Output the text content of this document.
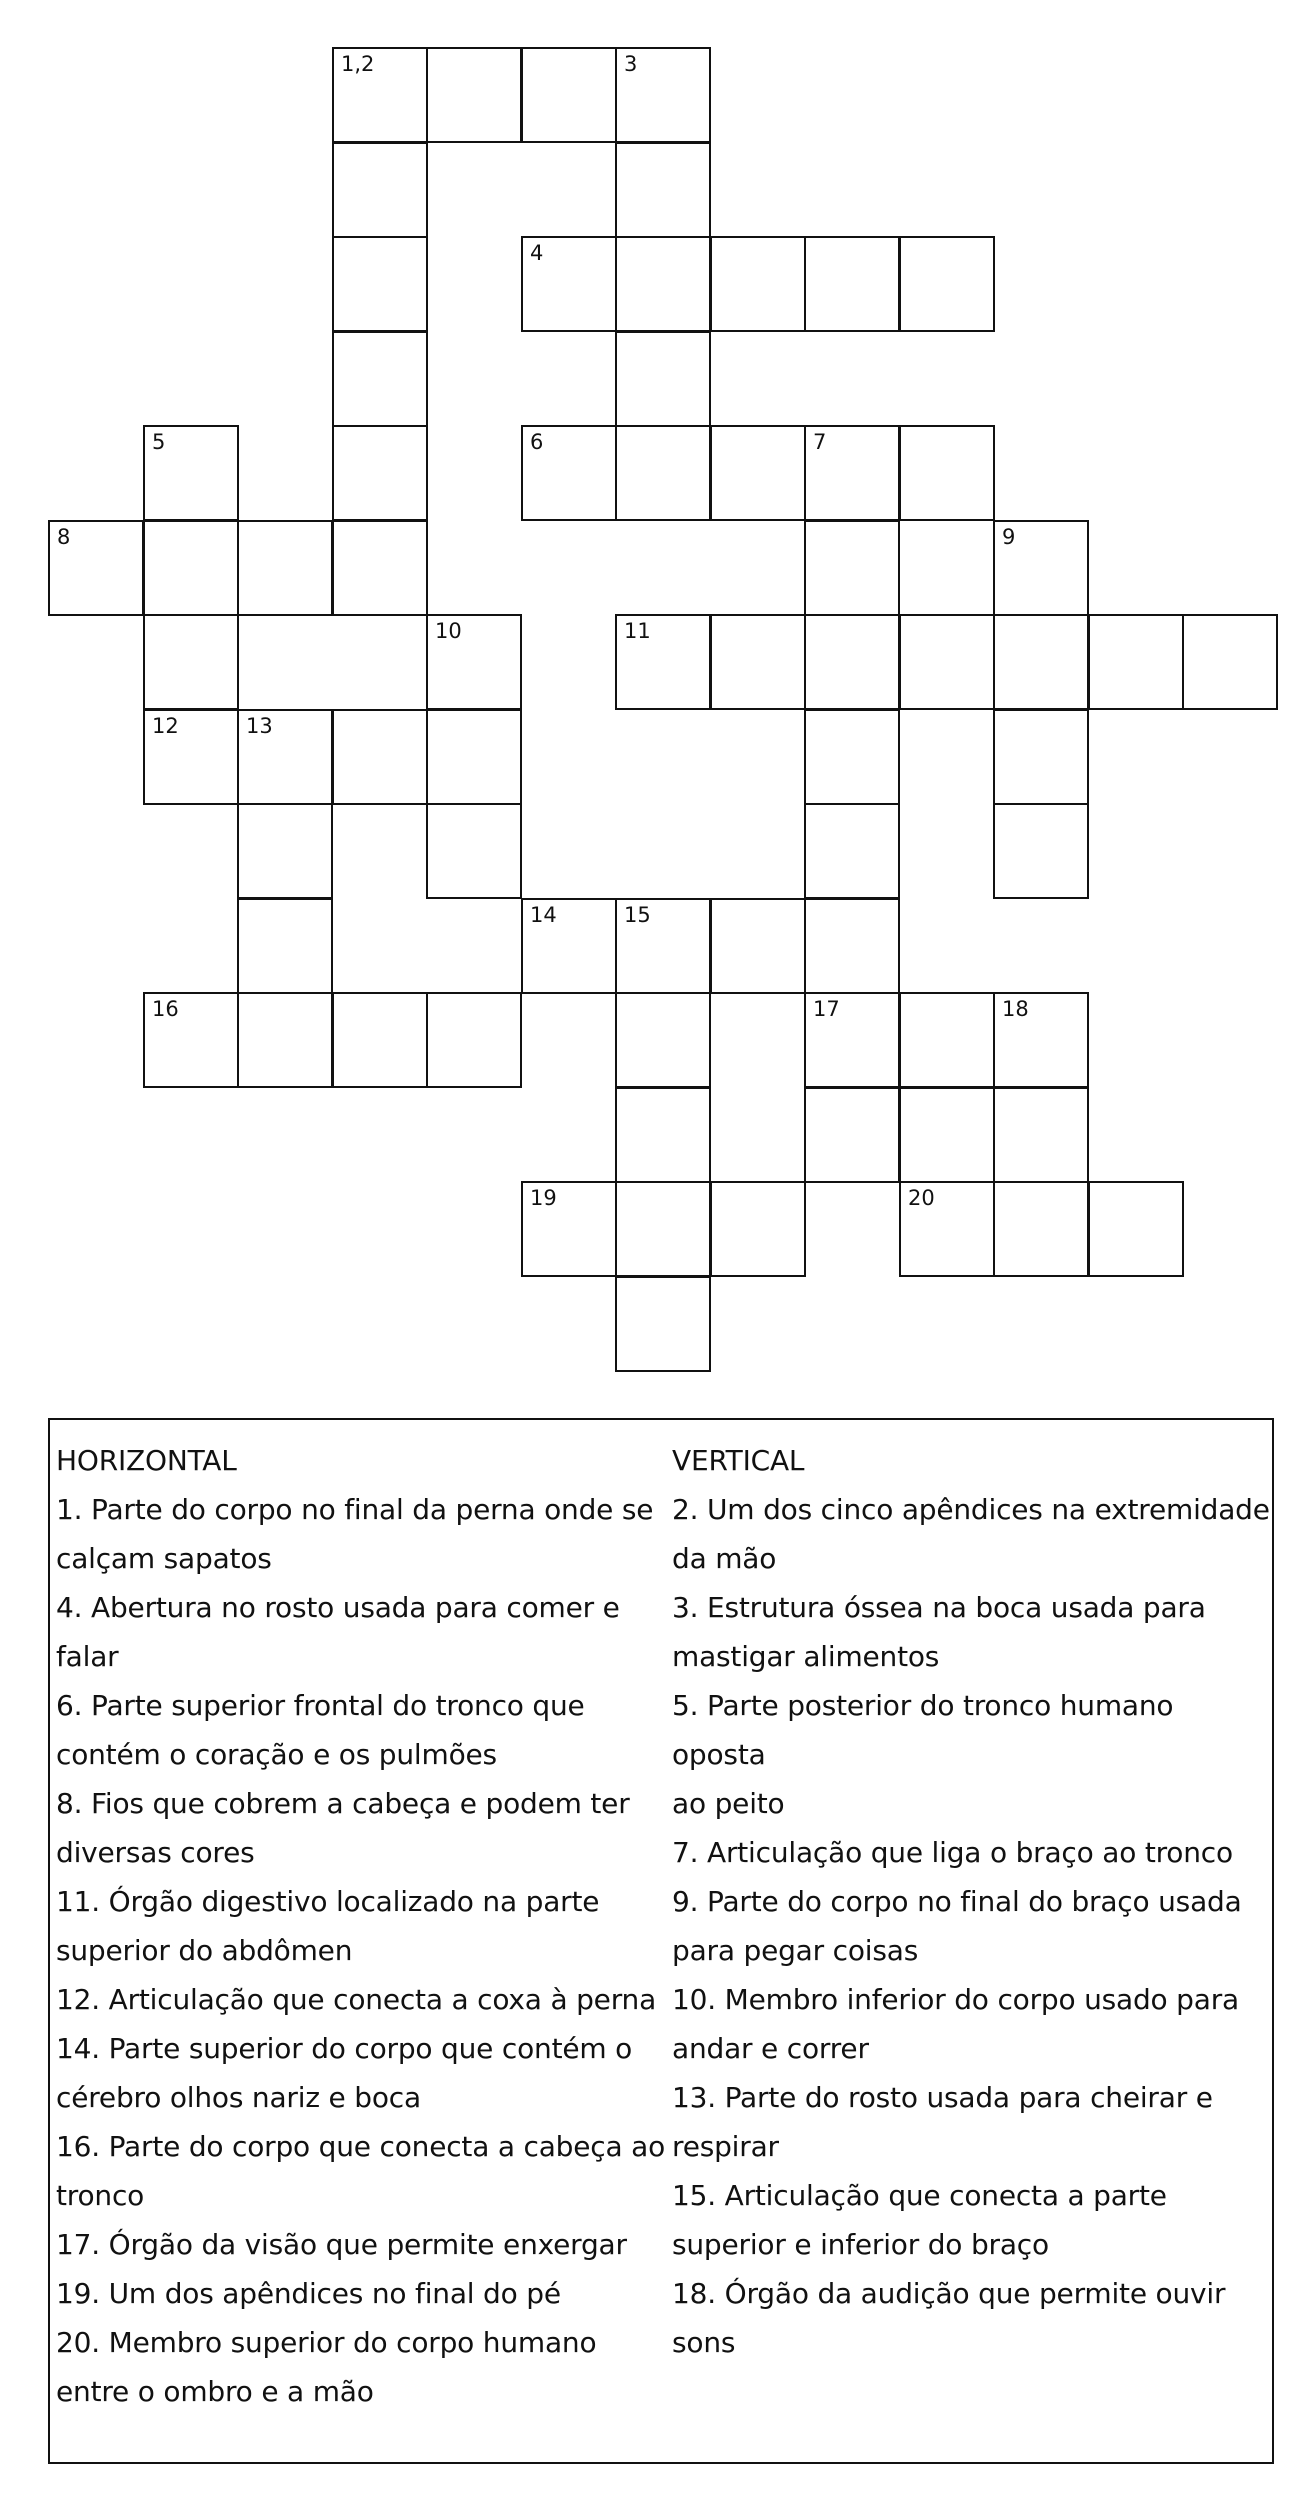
1,2	3
4
5	6	7
8	9
10	11
12	13
14	15
16	17	18
19	20
HORIZONTAL
1. Parte do corpo no final da perna onde se
calçam sapatos
4. Abertura no rosto usada para comer e
falar
6. Parte superior frontal do tronco que
contém o coração e os pulmões
8. Fios que cobrem a cabeça e podem ter
diversas cores
11. Órgão digestivo localizado na parte
superior do abdômen
12. Articulação que conecta a coxa à perna
14. Parte superior do corpo que contém o
cérebro olhos nariz e boca
16. Parte do corpo que conecta a cabeça ao
tronco
17. Órgão da visão que permite enxergar
19. Um dos apêndices no final do pé
20. Membro superior do corpo humano
entre o ombro e a mão
VERTICAL
2. Um dos cinco apêndices na extremidade
da mão
3. Estrutura óssea na boca usada para
mastigar alimentos
5. Parte posterior do tronco humano oposta
ao peito
7. Articulação que liga o braço ao tronco
9. Parte do corpo no final do braço usada
para pegar coisas
10. Membro inferior do corpo usado para
andar e correr
13. Parte do rosto usada para cheirar e
respirar
15. Articulação que conecta a parte
superior e inferior do braço
18. Órgão da audição que permite ouvir
sons
